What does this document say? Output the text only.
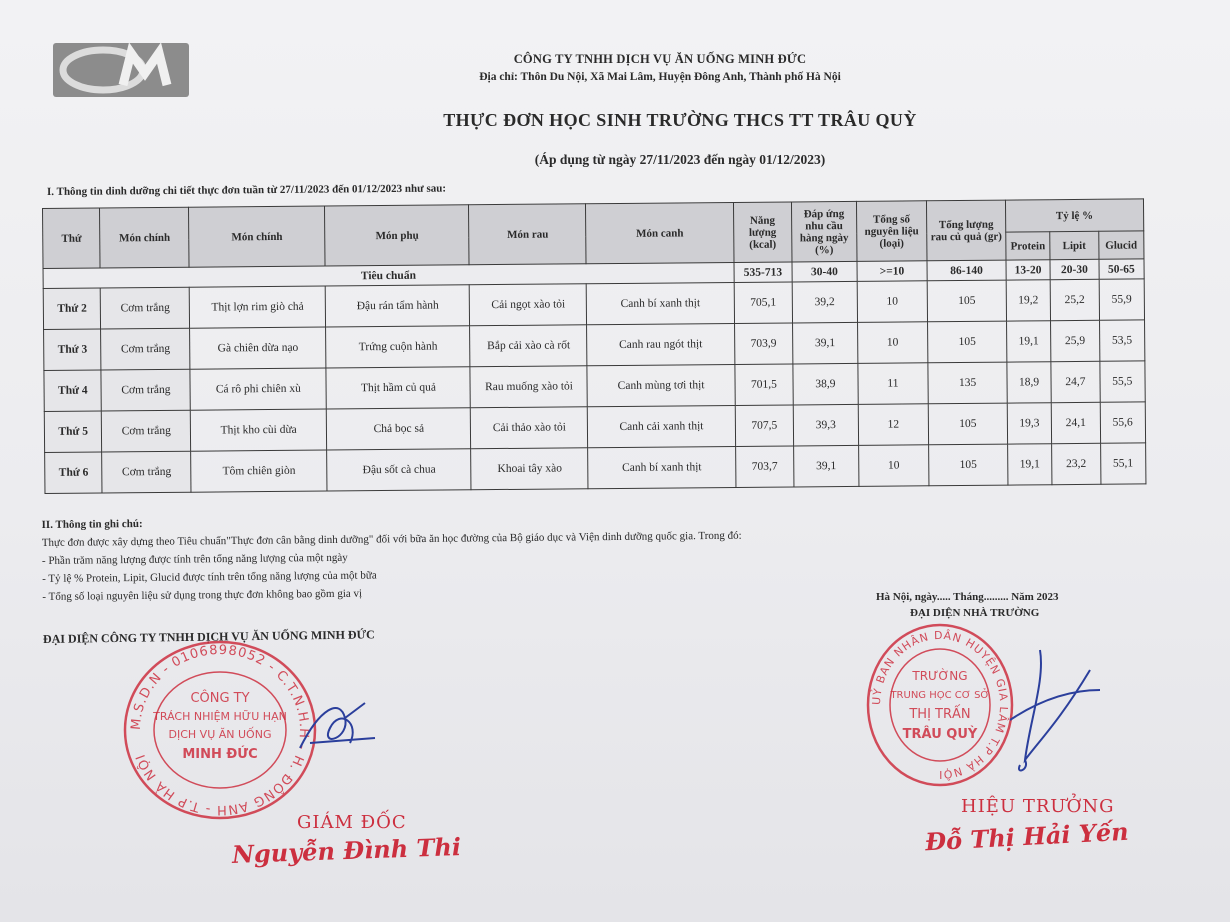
CÔNG TY TNHH DỊCH VỤ ĂN UỐNG MINH ĐỨC
Địa chỉ: Thôn Du Nội, Xã Mai Lâm, Huyện Đông Anh, Thành phố Hà Nội
THỰC ĐƠN HỌC SINH TRƯỜNG THCS TT TRÂU QUỲ
(Áp dụng từ ngày 27/11/2023 đến ngày 01/12/2023)
I. Thông tin dinh dưỡng chi tiết thực đơn tuần từ 27/11/2023 đến 01/12/2023 như sau:
Thứ	Món chính	Món chính	Món phụ	Món rau	Món canh	Năng lượng (kcal)	Đáp ứng nhu cầu hàng ngày (%)	Tổng số nguyên liệu (loại)	Tổng lượng rau củ quả (gr)	Tỷ lệ %		
										Protein	Lipit	Glucid
Tiêu chuẩn						535-713	30-40	>=10	86-140	13-20	20-30	50-65
Thứ 2	Cơm trắng	Thịt lợn rim giò chả	Đậu rán tẩm hành	Cải ngọt xào tỏi	Canh bí xanh thịt	705,1	39,2	10	105	19,2	25,2	55,9
Thứ 3	Cơm trắng	Gà chiên dừa nạo	Trứng cuộn hành	Bắp cải xào cà rốt	Canh rau ngót thịt	703,9	39,1	10	105	19,1	25,9	53,5
Thứ 4	Cơm trắng	Cá rô phi chiên xù	Thịt hầm củ quả	Rau muống xào tỏi	Canh mùng tơi thịt	701,5	38,9	11	135	18,9	24,7	55,5
Thứ 5	Cơm trắng	Thịt kho cùi dừa	Chả bọc sả	Cải thảo xào tỏi	Canh cải xanh thịt	707,5	39,3	12	105	19,3	24,1	55,6
Thứ 6	Cơm trắng	Tôm chiên giòn	Đậu sốt cà chua	Khoai tây xào	Canh bí xanh thịt	703,7	39,1	10	105	19,1	23,2	55,1
II. Thông tin ghi chú:
Thực đơn được xây dựng theo Tiêu chuẩn"Thực đơn cân bằng dinh dưỡng" đối với bữa ăn học đường của Bộ giáo dục và Viện dinh dưỡng quốc gia. Trong đó:
- Phần trăm năng lượng được tính trên tổng năng lượng của một ngày
- Tỷ lệ % Protein, Lipit, Glucid được tính trên tổng năng lượng của một bữa
- Tổng số loại nguyên liệu sử dụng trong thực đơn không bao gồm gia vị
ĐẠI DIỆN CÔNG TY TNHH DỊCH VỤ ĂN UỐNG MINH ĐỨC
Hà Nội, ngày..... Tháng......... Năm 2023
ĐẠI DIỆN NHÀ TRƯỜNG
M.S.D.N - 0106898052 - C.T.N.H.H - H. ĐÔNG ANH - T.P HÀ NỘI
CÔNG TY
TRÁCH NHIỆM HỮU HẠN
DỊCH VỤ ĂN UỐNG
MINH ĐỨC
UỶ BAN NHÂN DÂN HUYỆN GIA LÂM T.P HÀ NỘI
TRƯỜNG
TRUNG HỌC CƠ SỞ
THỊ TRẤN
TRÂU QUỲ
GIÁM ĐỐC
Nguyễn Đình Thi
HIỆU TRƯỞNG
Đỗ Thị Hải Yến
